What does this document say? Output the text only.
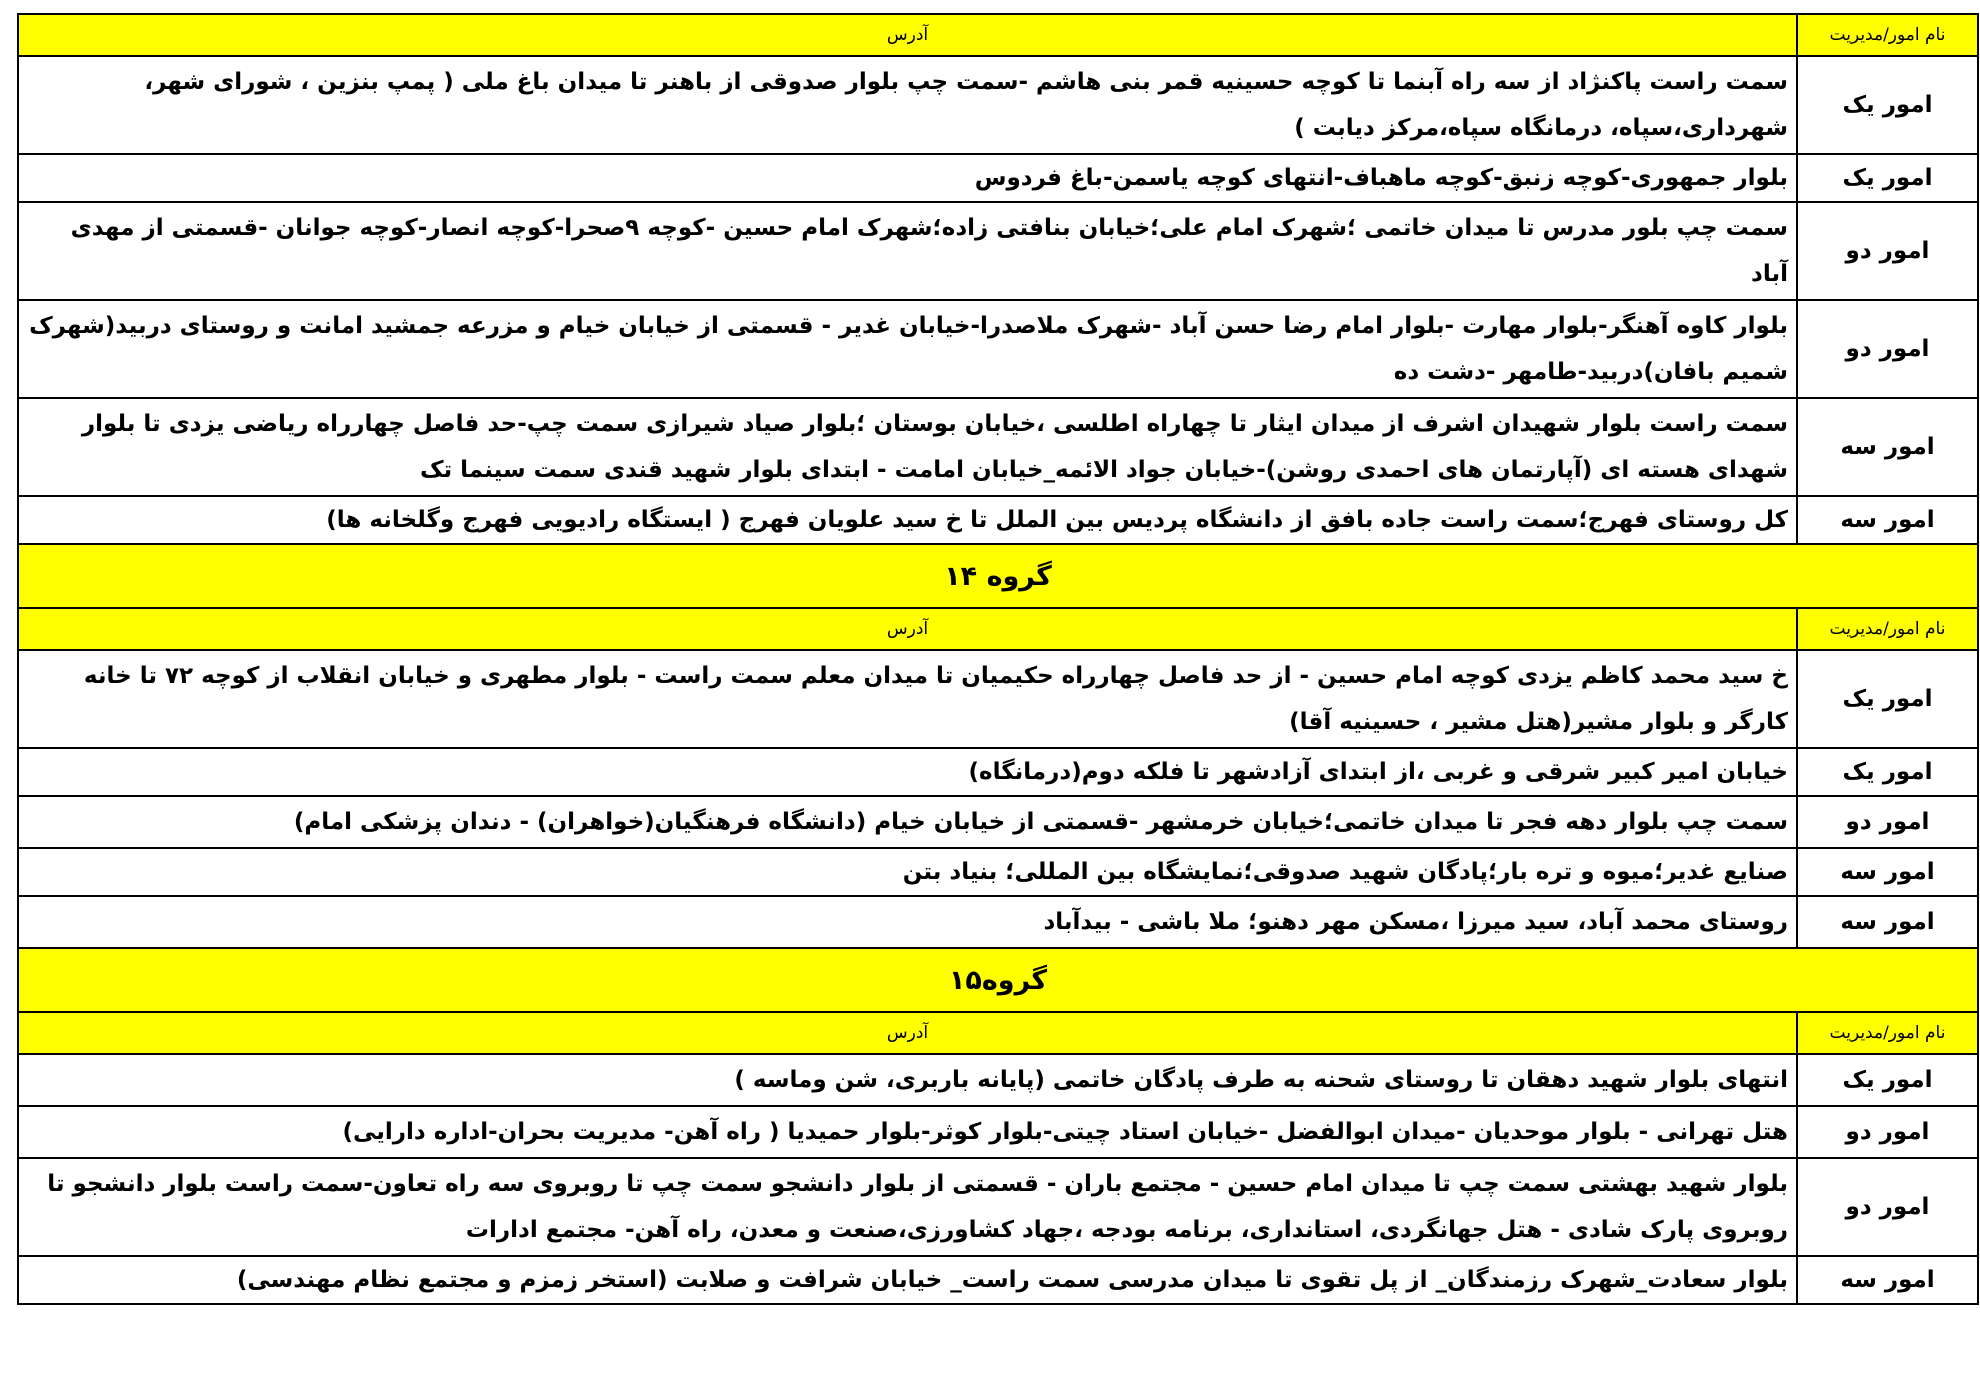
نام امور/مدیریت	آدرس
امور یک	سمت راست پاکنژاد از سه راه آبنما تا کوچه حسینیه قمر بنی هاشم -سمت چپ بلوار صدوقی از باهنر تا میدان باغ ملی ( پمپ بنزین ، شورای شهر، شهرداری،سپاه، درمانگاه سپاه،مرکز دیابت )
امور یک	بلوار جمهوری-کوچه زنبق-کوچه ماهباف-انتهای کوچه یاسمن-باغ فردوس
امور دو	سمت چپ بلور مدرس تا میدان خاتمی ؛شهرک امام علی؛خیابان بنافتی زاده؛شهرک امام حسین -کوچه ۹صحرا-کوچه انصار-کوچه جوانان -قسمتی از مهدی آباد
امور دو	بلوار کاوه آهنگر-بلوار مهارت -بلوار امام رضا حسن آباد -شهرک ملاصدرا-خیابان غدیر - قسمتی از خیابان خیام و مزرعه جمشید امانت و روستای دربید(شهرک شمیم بافان)دربید-طامهر -دشت ده
امور سه	سمت راست بلوار شهیدان اشرف از میدان ایثار تا چهاراه اطلسی ،خیابان بوستان ؛بلوار صیاد شیرازی سمت چپ-حد فاصل چهارراه ریاضی یزدی تا بلوار شهدای هسته ای (آپارتمان های احمدی روشن)-خیابان جواد الائمه_خیابان امامت - ابتدای بلوار شهید قندی سمت سینما تک
امور سه	کل روستای فهرج؛سمت راست جاده بافق از دانشگاه پردیس بین الملل تا خ سید علویان فهرج ( ایستگاه رادیویی فهرج وگلخانه ها)
گروه ۱۴	
نام امور/مدیریت	آدرس
امور یک	خ سید محمد کاظم یزدی کوچه امام حسین - از حد فاصل چهارراه حکیمیان تا میدان معلم سمت راست - بلوار مطهری و خیابان انقلاب از کوچه ۷۲ تا خانه کارگر و بلوار مشیر(هتل مشیر ، حسینیه آقا)
امور یک	خیابان امیر کبیر شرقی و غربی ،از ابتدای آزادشهر تا فلکه دوم(درمانگاه)
امور دو	سمت چپ بلوار دهه فجر تا میدان خاتمی؛خیابان خرمشهر -قسمتی از خیابان خیام (دانشگاه فرهنگیان(خواهران) - دندان پزشکی امام)
امور سه	صنایع غدیر؛میوه و تره بار؛پادگان شهید صدوقی؛نمایشگاه بین المللی؛ بنیاد بتن
امور سه	روستای محمد آباد، سید میرزا ،مسکن مهر دهنو؛ ملا باشی - بیدآباد
گروه۱۵	
نام امور/مدیریت	آدرس
امور یک	انتهای بلوار شهید دهقان تا روستای شحنه به طرف پادگان خاتمی (پایانه باربری، شن وماسه )
امور دو	هتل تهرانی - بلوار موحدیان -میدان ابوالفضل -خیابان استاد چیتی-بلوار کوثر-بلوار حمیدیا ( راه آهن- مدیریت بحران-اداره دارایی)
امور دو	بلوار شهید بهشتی سمت چپ تا میدان امام حسین - مجتمع باران - قسمتی از بلوار دانشجو سمت چپ تا روبروی سه راه تعاون-سمت راست بلوار دانشجو تا روبروی پارک شادی - هتل جهانگردی، استانداری، برنامه بودجه ،جهاد کشاورزی،صنعت و معدن، راه آهن- مجتمع ادارات
امور سه	بلوار سعادت_شهرک رزمندگان_ از پل تقوی تا میدان مدرسی سمت راست_ خیابان شرافت و صلابت (استخر زمزم و مجتمع نظام مهندسی)
